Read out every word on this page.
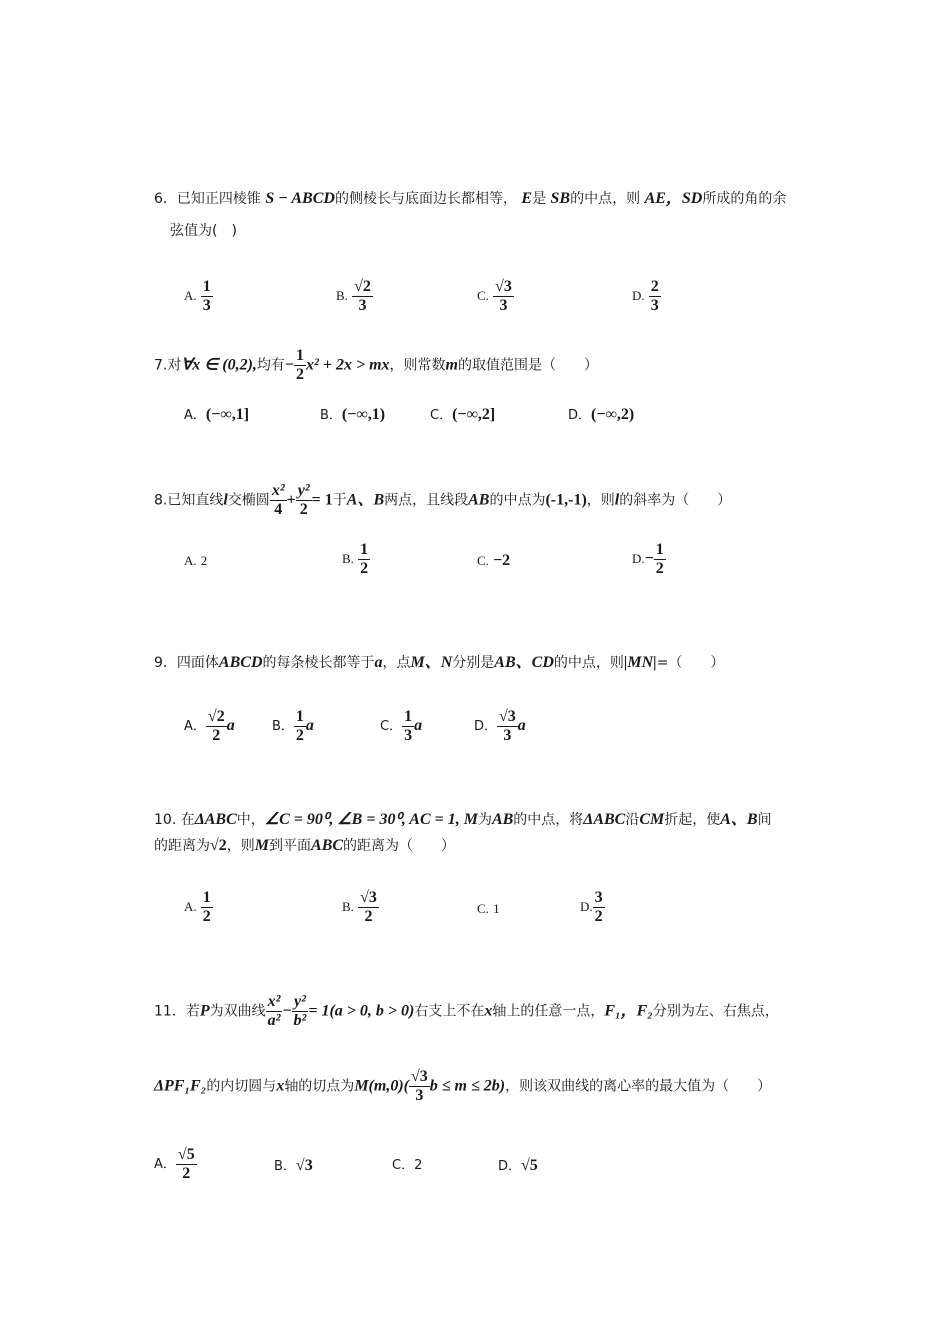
6．已知正四棱锥 S − ABCD的侧棱长与底面边长都相等， E是 SB的中点，则 AE，SD所成的角的余
弦值为(　)
A. $\frac{1}{3}$	B. $\frac{√2}{3}$	C. $\frac{√3}{3}$	D. $\frac{2}{3}$
7.对∀x ∈ (0,2),均有− $\frac{1}{2} x^2 + 2x$ > mx，则常数m的取值范围是（　　）
A．(−∞,1]	B．(−∞,1)	C．(−∞,2]	D．(−∞,2)
8.已知直线l交椭圆 $\frac{\text{x²}}{4} + \frac{\text{y²}}{2} = 1$于A、B两点，且线段AB的中点为(-1,-1)，则l的斜率为（　　）
A. 2	B. $\frac{1}{2}$	C. −2	$D.- \frac{1}{2}$
9．四面体ABCD的每条棱长都等于a，点M、N分别是AB、CD的中点，则|MN|=（　　）
A． $\frac{√2}{2}$ a	B． $\frac{1}{2}$ a	C． $\frac{1}{3}$ a	D． $\frac{√3}{3}$ a
10. 在ΔABC中，∠C = 90⁰, ∠B = 30⁰, AC = 1, M为AB的中点，将ΔABC沿CM折起，使A、B间
的距离为√2，则M到平面ABC的距离为（　　）
A. $\frac{1}{2}$	B. $\frac{√3}{2}$	C. 1	D. $\frac{3}{2}$
11．若P为双曲线 $\frac{\text{x²}}{\text{a²}} - \frac{\text{y²}}{\text{b²}} = 1(a > 0$, b > 0)右支上不在x轴上的任意一点，F₁，F₂分别为左、右焦点，
ΔPF₁F₂的内切圆与x轴的切点为$M(m,0)( \frac{√3}{3}$ b ≤ m ≤ 2b)，则该双曲线的离心率的最大值为（　　）
A． $\frac{√5}{2}$	B．√3	C．2	D．√5
